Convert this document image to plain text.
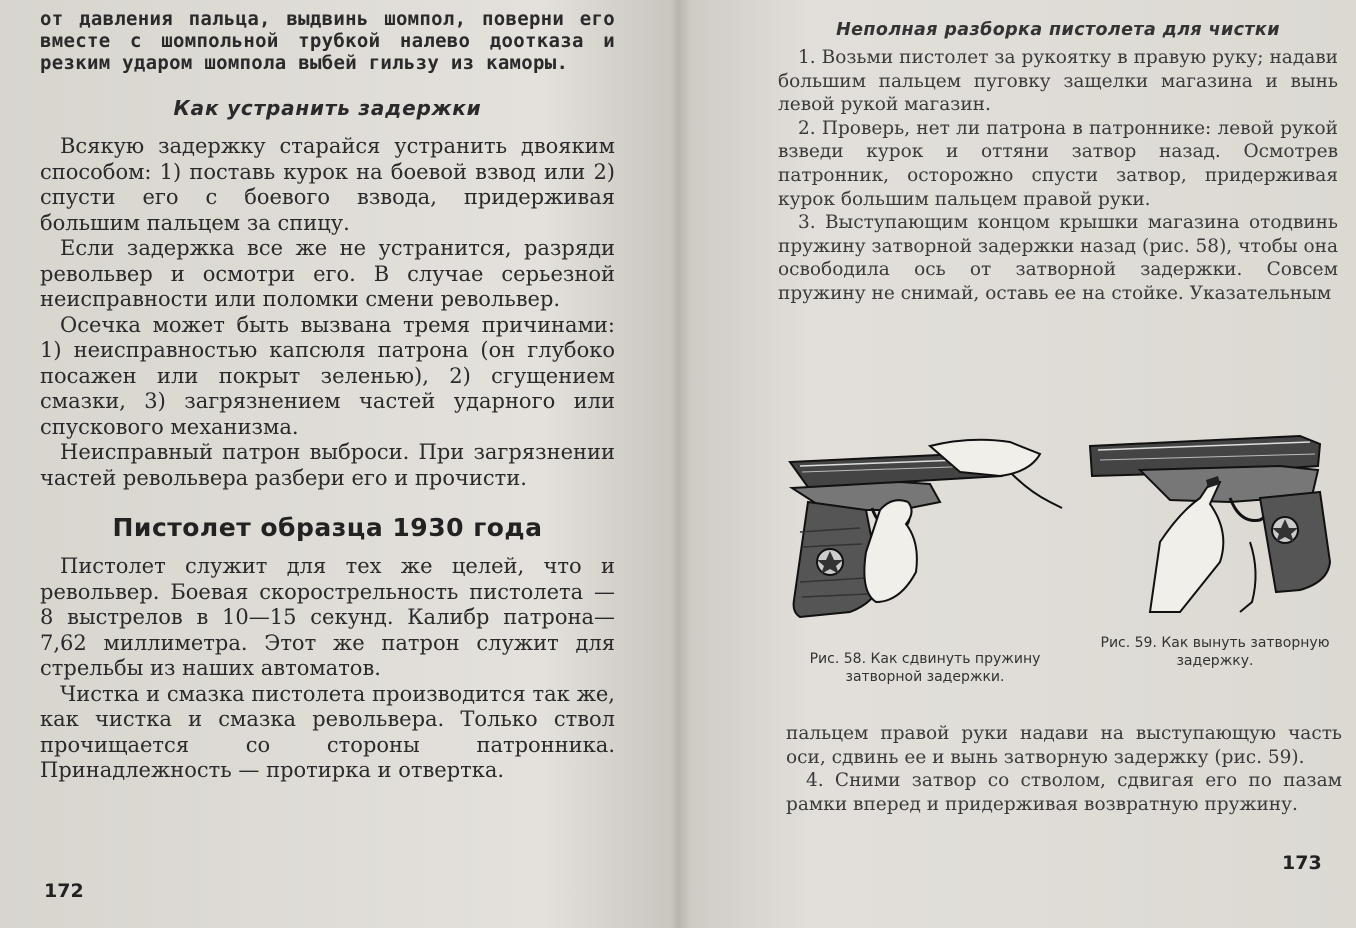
от давления пальца, выдвинь шомпол, поверни его вместе с шомпольной трубкой налево доотказа и резким ударом шомпола выбей гильзу из каморы.

Как устранить задержки

Всякую задержку старайся устранить двояким способом: 1) поставь курок на боевой взвод или 2) спусти его с боевого взвода, придерживая большим пальцем за спицу.

Если задержка все же не устранится, разряди револьвер и осмотри его. В случае серьезной неисправности или поломки смени револьвер.

Осечка может быть вызвана тремя причинами: 1) неисправностью капсюля патрона (он глубоко посажен или покрыт зеленью), 2) сгущением смазки, 3) загрязнением частей ударного или спускового механизма.

Неисправный патрон выброси. При загрязнении частей револьвера разбери его и прочисти.

Пистолет образца 1930 года

Пистолет служит для тех же целей, что и револьвер. Боевая скорострельность пистолета — 8 выстрелов в 10—15 секунд. Калибр патрона—7,62 миллиметра. Этот же патрон служит для стрельбы из наших автоматов.

Чистка и смазка пистолета производится так же, как чистка и смазка револьвера. Только ствол прочищается со стороны патронника. Принадлежность — протирка и отвертка.

172
Неполная разборка пистолета для чистки

1. Возьми пистолет за рукоятку в правую руку; надави большим пальцем пуговку защелки магазина и вынь левой рукой магазин.

2. Проверь, нет ли патрона в патроннике: левой рукой взведи курок и оттяни затвор назад. Осмотрев патронник, осторожно спусти затвор, придерживая курок большим пальцем правой руки.

3. Выступающим концом крышки магазина отодвинь пружину затворной задержки назад (рис. 58), чтобы она освободила ось от затворной задержки. Совсем пружину не снимай, оставь ее на стойке. Указательным

173
Рис. 58. Как сдвинуть пружину затворной задержки.
Рис. 59. Как вынуть затворную задержку.

пальцем правой руки надави на выступающую часть оси, сдвинь ее и вынь затворную задержку (рис. 59).

4. Сними затвор со стволом, сдвигая его по пазам рамки вперед и придерживая возвратную пружину.
